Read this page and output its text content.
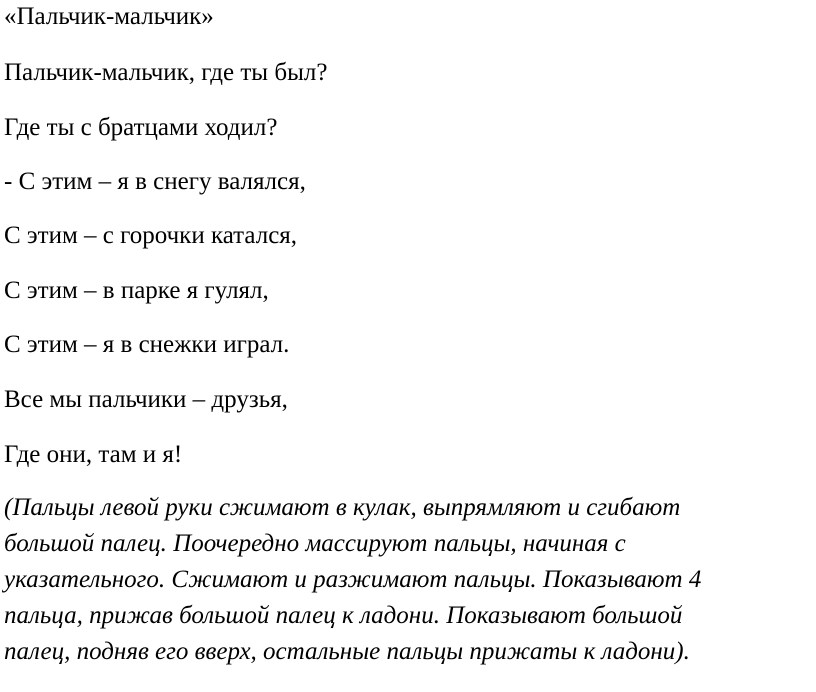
«Пальчик-мальчик»

Пальчик-мальчик, где ты был?

Где ты с братцами ходил?

- С этим – я в снегу валялся,

С этим – с горочки катался,

С этим – в парке я гулял,

С этим – я в снежки играл.

Все мы пальчики – друзья,

Где они, там и я!

(Пальцы левой руки сжимают в кулак, выпрямляют и сгибают
большой палец. Поочередно массируют пальцы, начиная с
указательного. Сжимают и разжимают пальцы. Показывают 4
пальца, прижав большой палец к ладони. Показывают большой
палец, подняв его вверх, остальные пальцы прижаты к ладони).
